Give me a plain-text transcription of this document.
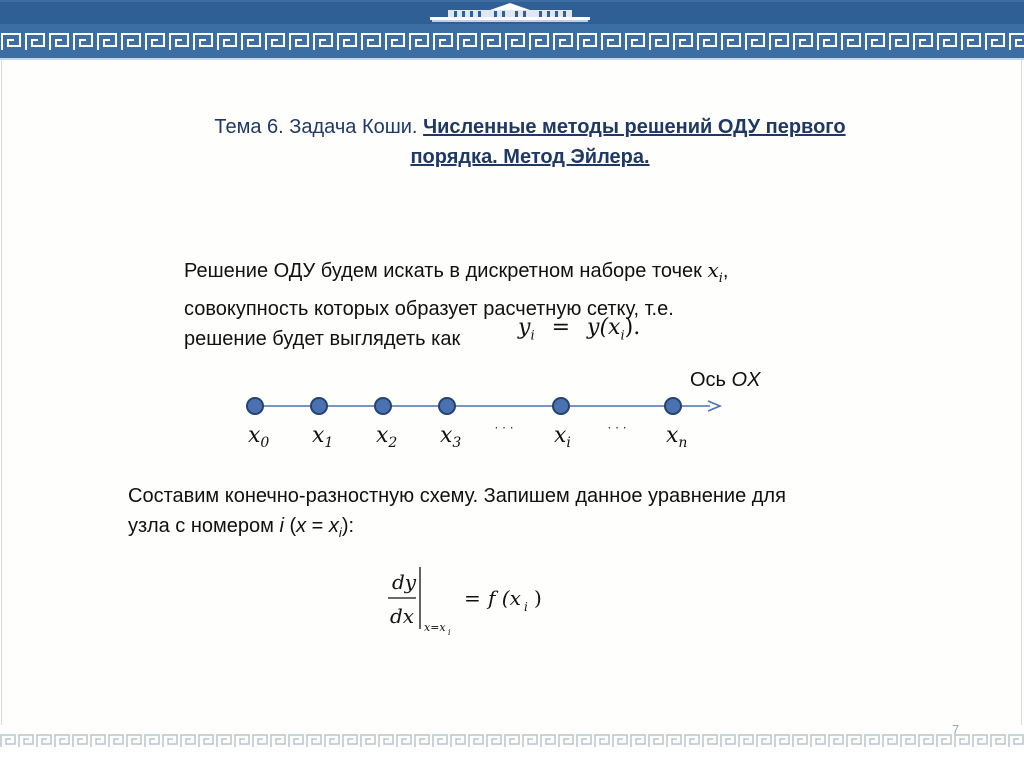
Тема 6. Задача Коши. Численные методы решений ОДУ первого
порядка. Метод Эйлера.
Решение ОДУ будем искать в дискретном наборе точек $x_i$,
совокупность которых образует расчетную сетку, т.е.
решение будет выглядеть как	$y_i = y(x_i)$.
Ось OX
$x_0$ $x_1$ $x_2$ $x_3$	$x_i$	$x_n$
· · ·	· · ·
Составим конечно-разностную схему. Запишем данное уравнение для
узла с номером i $(x = x_i)$:
dy
dx x=x i
= f (x i )
7
